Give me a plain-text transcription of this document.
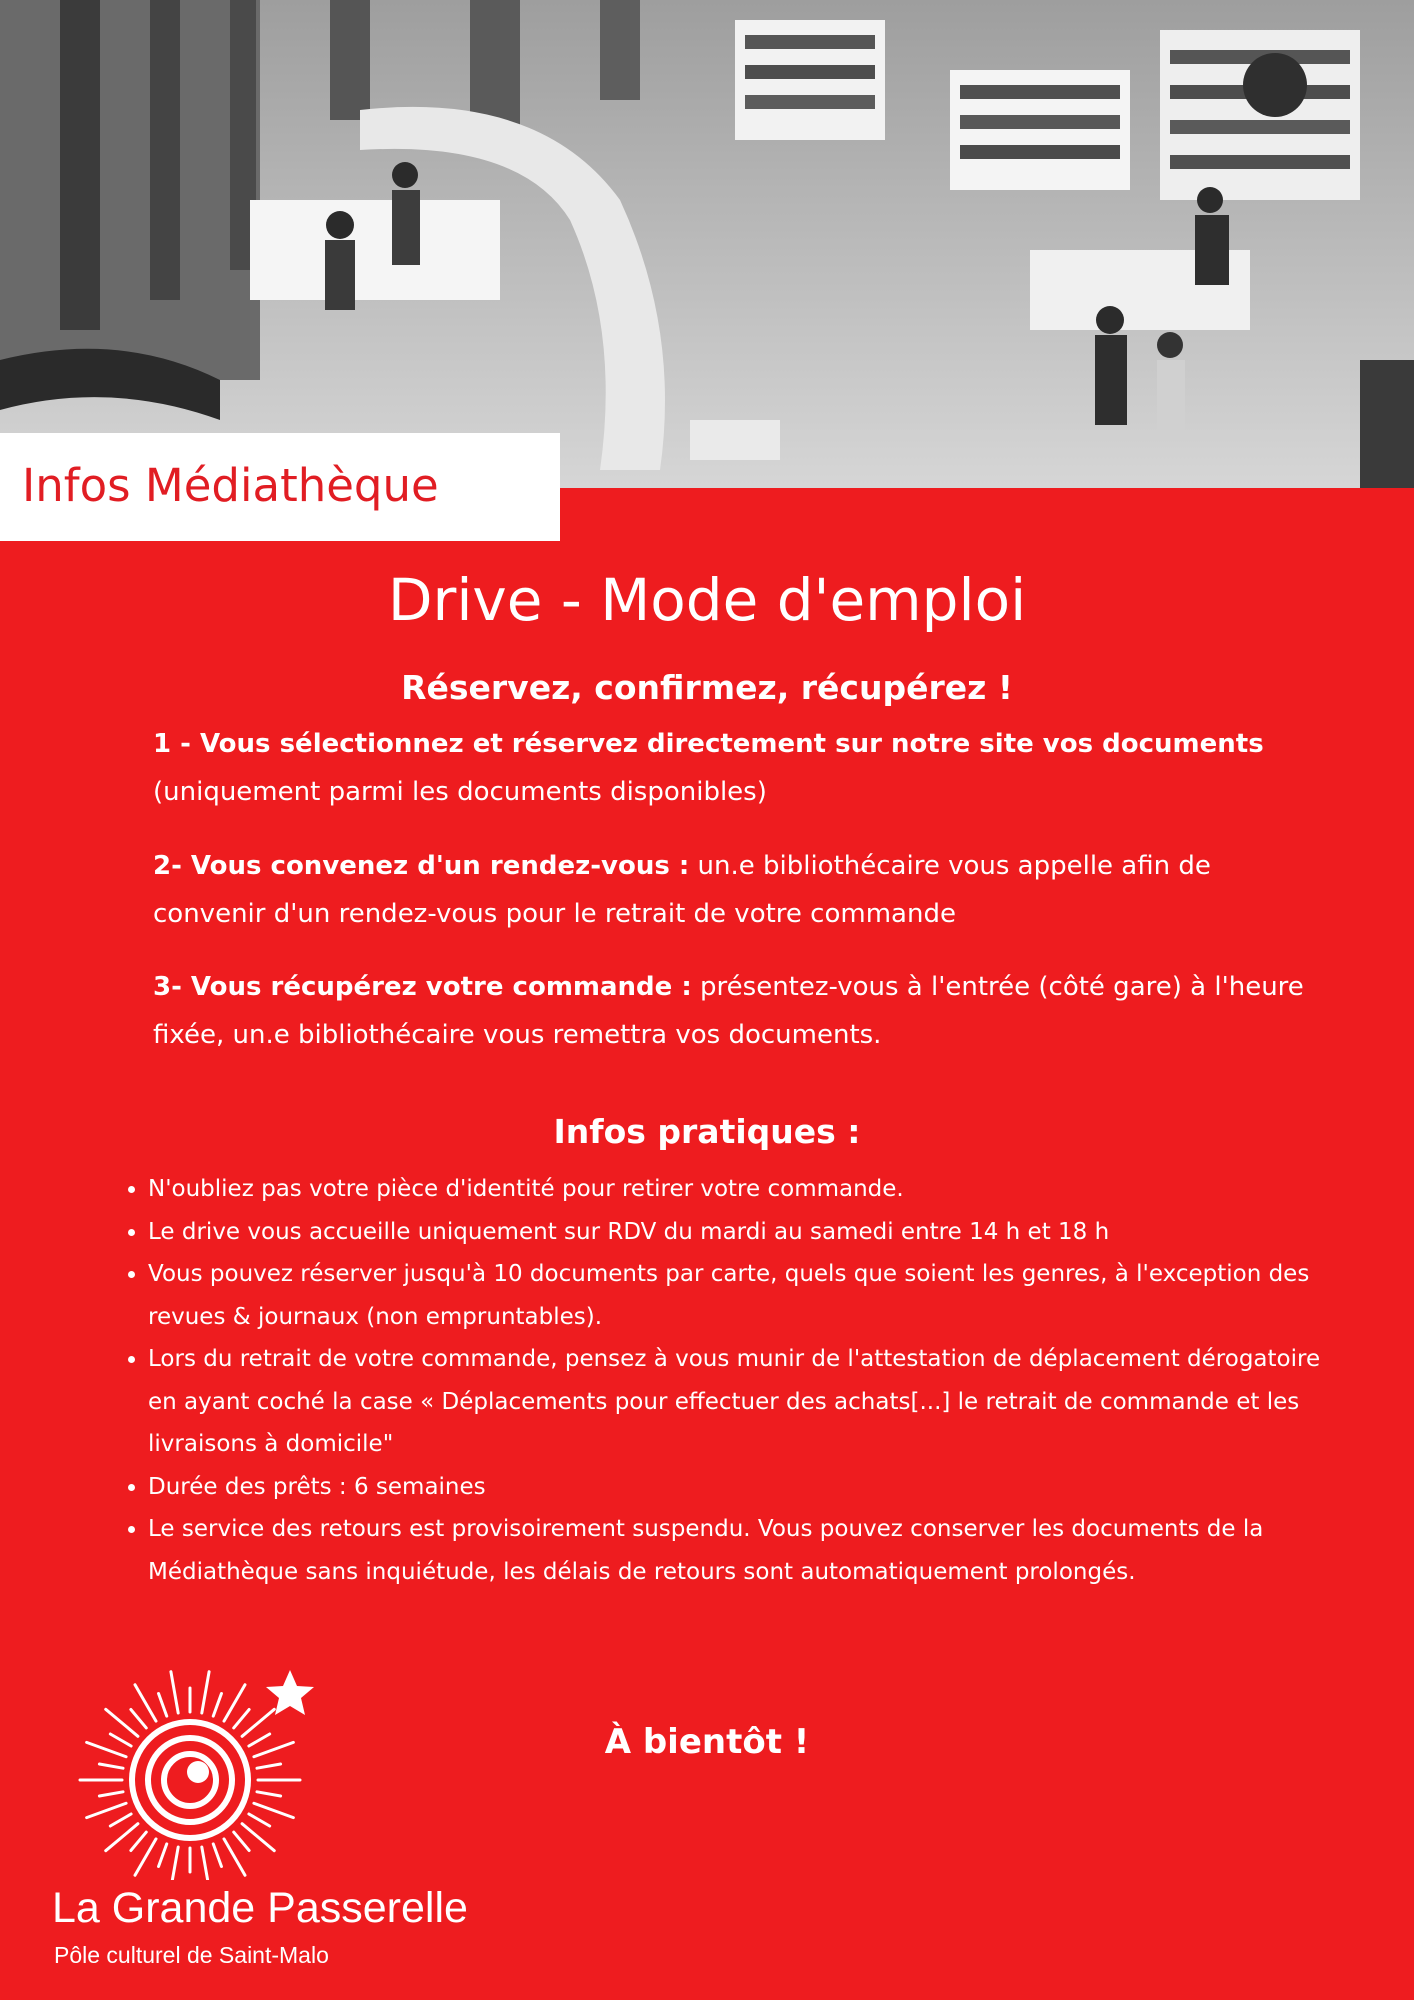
Infos Médiathèque
Drive - Mode d'emploi
Réservez, confirmez, récupérez !

1 - Vous sélectionnez et réservez directement sur notre site vos documents
(uniquement parmi les documents disponibles)

2- Vous convenez d'un rendez-vous : un.e bibliothécaire vous appelle afin de convenir d'un rendez-vous pour le retrait de votre commande

3- Vous récupérez votre commande : présentez-vous à l'entrée (côté gare) à l'heure fixée, un.e bibliothécaire vous remettra vos documents.

Infos pratiques :
• N'oubliez pas votre pièce d'identité pour retirer votre commande.
• Le drive vous accueille uniquement sur RDV du mardi au samedi entre 14 h et 18 h
• Vous pouvez réserver jusqu'à 10 documents par carte, quels que soient les genres, à l'exception des revues & journaux (non empruntables).
• Lors du retrait de votre commande, pensez à vous munir de l'attestation de déplacement dérogatoire en ayant coché la case « Déplacements pour effectuer des achats[...] le retrait de commande et les livraisons à domicile"
• Durée des prêts : 6 semaines
• Le service des retours est provisoirement suspendu. Vous pouvez conserver les documents de la Médiathèque sans inquiétude, les délais de retours sont automatiquement prolongés.

À bientôt !

La Grande Passerelle

Pôle culturel de Saint-Malo
